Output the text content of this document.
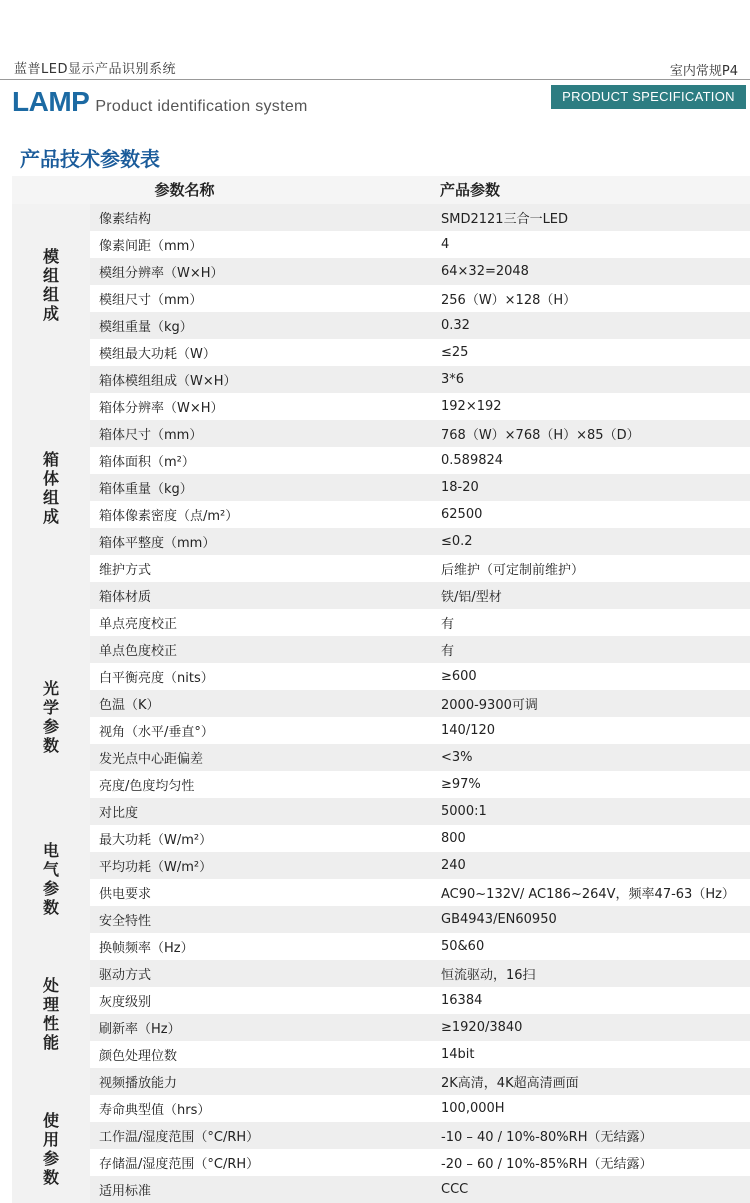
蓝普LED显示产品识别系统	室内常规P4
LAMP Product identification system
PRODUCT SPECIFICATION
产品技术参数表
参数名称	产品参数
模组组成
像素结构	SMD2121三合一LED
像素间距（mm）	4
模组分辨率（W×H）	64×32=2048
模组尺寸（mm）	256（W）×128（H）
模组重量（kg）	0.32
模组最大功耗（W）	≤25
箱体组成
箱体模组组成（W×H）	3*6
箱体分辨率（W×H）	192×192
箱体尺寸（mm）	768（W）×768（H）×85（D）
箱体面积（m²）	0.589824
箱体重量（kg）	18-20
箱体像素密度（点/m²）	62500
箱体平整度（mm）	≤0.2
维护方式	后维护（可定制前维护）
箱体材质	铁/铝/型材
光学参数
单点亮度校正	有
单点色度校正	有
白平衡亮度（nits）	≥600
色温（K）	2000-9300可调
视角（水平/垂直°）	140/120
发光点中心距偏差	<3%
亮度/色度均匀性	≥97%
对比度	5000:1
电气参数
最大功耗（W/m²）	800
平均功耗（W/m²）	240
供电要求	AC90~132V/ AC186~264V，频率47-63（Hz）
安全特性	GB4943/EN60950
处理性能
换帧频率（Hz）	50&60
驱动方式	恒流驱动，16扫
灰度级别	16384
刷新率（Hz）	≥1920/3840
颜色处理位数	14bit
视频播放能力	2K高清，4K超高清画面
使用参数
寿命典型值（hrs）	100,000H
工作温/湿度范围（°C/RH）	-10 – 40 / 10%-80%RH（无结露）
存储温/湿度范围（°C/RH）	-20 – 60 / 10%-85%RH（无结露）
适用标准	CCC
